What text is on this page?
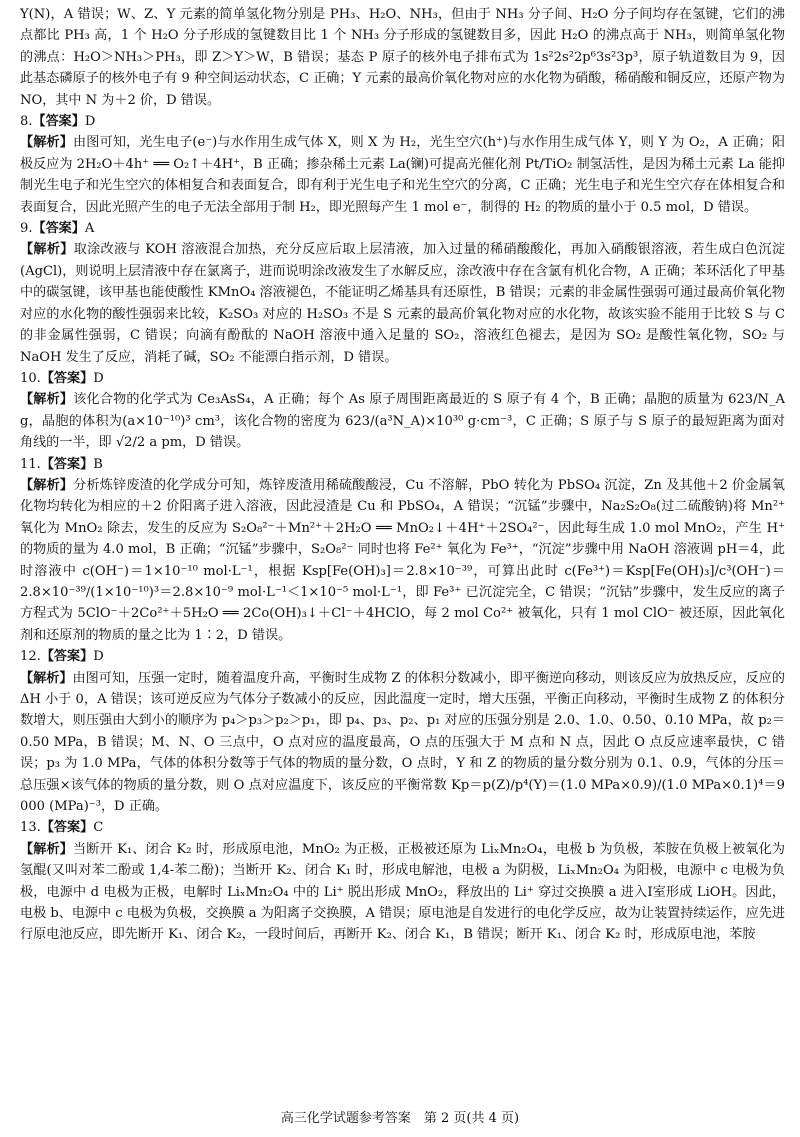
Y(N)，A 错误；W、Z、Y 元素的简单氢化物分别是 PH₃、H₂O、NH₃，但由于 NH₃ 分子间、H₂O 分子间均存在氢键，它们的沸点都比 PH₃ 高，1 个 H₂O 分子形成的氢键数目比 1 个 NH₃ 分子形成的氢键数目多，因此 H₂O 的沸点高于 NH₃，则简单氢化物的沸点：H₂O＞NH₃＞PH₃，即 Z＞Y＞W，B 错误；基态 P 原子的核外电子排布式为 1s²2s²2p⁶3s²3p³，原子轨道数目为 9，因此基态磷原子的核外电子有 9 种空间运动状态，C 正确；Y 元素的最高价氧化物对应的水化物为硝酸，稀硝酸和铜反应，还原产物为 NO，其中 N 为＋2 价，D 错误。

8.【答案】D

【解析】由图可知，光生电子(e⁻)与水作用生成气体 X，则 X 为 H₂，光生空穴(h⁺)与水作用生成气体 Y，则 Y 为 O₂，A 正确；阳极反应为 2H₂O＋4h⁺ ══ O₂↑＋4H⁺，B 正确；掺杂稀土元素 La(镧)可提高光催化剂 Pt/TiO₂ 制氢活性，是因为稀土元素 La 能抑制光生电子和光生空穴的体相复合和表面复合，即有利于光生电子和光生空穴的分离，C 正确；光生电子和光生空穴存在体相复合和表面复合，因此光照产生的电子无法全部用于制 H₂，即光照每产生 1 mol e⁻，制得的 H₂ 的物质的量小于 0.5 mol，D 错误。

9.【答案】A

【解析】取涂改液与 KOH 溶液混合加热，充分反应后取上层清液，加入过量的稀硝酸酸化，再加入硝酸银溶液，若生成白色沉淀(AgCl)，则说明上层清液中存在氯离子，进而说明涂改液发生了水解反应，涂改液中存在含氯有机化合物，A 正确；苯环活化了甲基中的碳氢键，该甲基也能使酸性 KMnO₄ 溶液褪色，不能证明乙烯基具有还原性，B 错误；元素的非金属性强弱可通过最高价氧化物对应的水化物的酸性强弱来比较，K₂SO₃ 对应的 H₂SO₃ 不是 S 元素的最高价氧化物对应的水化物，故该实验不能用于比较 S 与 C 的非金属性强弱，C 错误；向滴有酚酞的 NaOH 溶液中通入足量的 SO₂，溶液红色褪去，是因为 SO₂ 是酸性氧化物，SO₂ 与 NaOH 发生了反应，消耗了碱，SO₂ 不能漂白指示剂，D 错误。

10.【答案】D

【解析】该化合物的化学式为 Ce₃AsS₄，A 正确；每个 As 原子周围距离最近的 S 原子有 4 个，B 正确；晶胞的质量为 623/N_A g，晶胞的体积为(a×10⁻¹⁰)³ cm³，该化合物的密度为 623/(a³N_A)×10³⁰ g·cm⁻³，C 正确；S 原子与 S 原子的最短距离为面对角线的一半，即 √2/2 a pm，D 错误。

11.【答案】B

【解析】分析炼锌废渣的化学成分可知，炼锌废渣用稀硫酸酸浸，Cu 不溶解，PbO 转化为 PbSO₄ 沉淀，Zn 及其他＋2 价金属氧化物均转化为相应的＋2 价阳离子进入溶液，因此浸渣是 Cu 和 PbSO₄，A 错误；“沉锰”步骤中，Na₂S₂O₈(过二硫酸钠)将 Mn²⁺ 氧化为 MnO₂ 除去，发生的反应为 S₂O₈²⁻＋Mn²⁺＋2H₂O ══ MnO₂↓＋4H⁺＋2SO₄²⁻，因此每生成 1.0 mol MnO₂，产生 H⁺ 的物质的量为 4.0 mol，B 正确；“沉锰”步骤中，S₂O₈²⁻ 同时也将 Fe²⁺ 氧化为 Fe³⁺，“沉淀”步骤中用 NaOH 溶液调 pH＝4，此时溶液中 c(OH⁻)＝1×10⁻¹⁰ mol·L⁻¹，根据 Ksp[Fe(OH)₃]＝2.8×10⁻³⁹，可算出此时 c(Fe³⁺)＝Ksp[Fe(OH)₃]/c³(OH⁻)＝2.8×10⁻³⁹/(1×10⁻¹⁰)³＝2.8×10⁻⁹ mol·L⁻¹＜1×10⁻⁵ mol·L⁻¹，即 Fe³⁺ 已沉淀完全，C 错误；“沉钴”步骤中，发生反应的离子方程式为 5ClO⁻＋2Co²⁺＋5H₂O ══ 2Co(OH)₃↓＋Cl⁻＋4HClO，每 2 mol Co²⁺ 被氧化，只有 1 mol ClO⁻ 被还原，因此氧化剂和还原剂的物质的量之比为 1∶2，D 错误。

12.【答案】D

【解析】由图可知，压强一定时，随着温度升高，平衡时生成物 Z 的体积分数减小，即平衡逆向移动，则该反应为放热反应，反应的 ΔH 小于 0，A 错误；该可逆反应为气体分子数减小的反应，因此温度一定时，增大压强，平衡正向移动，平衡时生成物 Z 的体积分数增大，则压强由大到小的顺序为 p₄＞p₃＞p₂＞p₁，即 p₄、p₃、p₂、p₁ 对应的压强分别是 2.0、1.0、0.50、0.10 MPa，故 p₂＝0.50 MPa，B 错误；M、N、O 三点中，O 点对应的温度最高，O 点的压强大于 M 点和 N 点，因此 O 点反应速率最快，C 错误；p₃ 为 1.0 MPa，气体的体积分数等于气体的物质的量分数，O 点时，Y 和 Z 的物质的量分数分别为 0.1、0.9，气体的分压＝总压强×该气体的物质的量分数，则 O 点对应温度下，该反应的平衡常数 Kp＝p(Z)/p⁴(Y)＝(1.0 MPa×0.9)/(1.0 MPa×0.1)⁴＝9 000 (MPa)⁻³，D 正确。

13.【答案】C

【解析】当断开 K₁、闭合 K₂ 时，形成原电池，MnO₂ 为正极，正极被还原为 LiₓMn₂O₄，电极 b 为负极，苯胺在负极上被氧化为氢醌(又叫对苯二酚或 1,4-苯二酚)；当断开 K₂、闭合 K₁ 时，形成电解池，电极 a 为阴极，LiₓMn₂O₄ 为阳极，电源中 c 电极为负极，电源中 d 电极为正极，电解时 LiₓMn₂O₄ 中的 Li⁺ 脱出形成 MnO₂，释放出的 Li⁺ 穿过交换膜 a 进入Ⅰ室形成 LiOH。因此，电极 b、电源中 c 电极为负极，交换膜 a 为阳离子交换膜，A 错误；原电池是自发进行的电化学反应，故为让装置持续运作，应先进行原电池反应，即先断开 K₁、闭合 K₂，一段时间后，再断开 K₂、闭合 K₁，B 错误；断开 K₁、闭合 K₂ 时，形成原电池，苯胺

高三化学试题参考答案　第 2 页(共 4 页)
